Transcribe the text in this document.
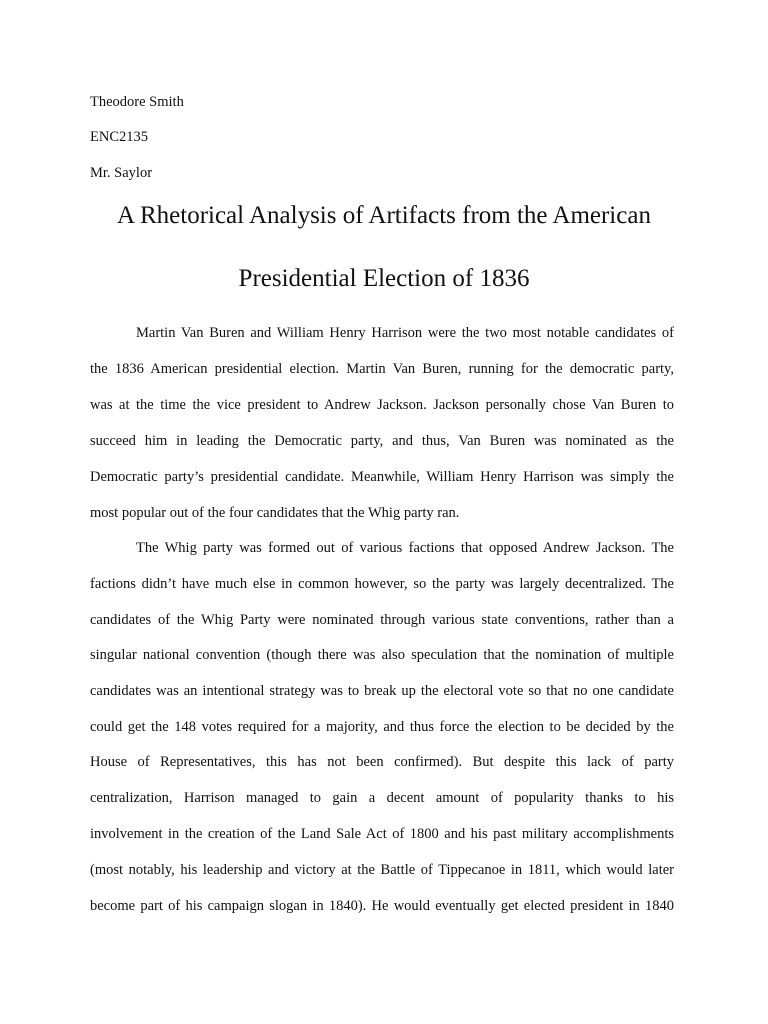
Theodore Smith
ENC2135
Mr. Saylor
A Rhetorical Analysis of Artifacts from the American
Presidential Election of 1836
Martin Van Buren and William Henry Harrison were the two most notable candidates of
the 1836 American presidential election. Martin Van Buren, running for the democratic party,
was at the time the vice president to Andrew Jackson. Jackson personally chose Van Buren to
succeed him in leading the Democratic party, and thus, Van Buren was nominated as the
Democratic party’s presidential candidate. Meanwhile, William Henry Harrison was simply the
most popular out of the four candidates that the Whig party ran.
The Whig party was formed out of various factions that opposed Andrew Jackson. The
factions didn’t have much else in common however, so the party was largely decentralized. The
candidates of the Whig Party were nominated through various state conventions, rather than a
singular national convention (though there was also speculation that the nomination of multiple
candidates was an intentional strategy was to break up the electoral vote so that no one candidate
could get the 148 votes required for a majority, and thus force the election to be decided by the
House of Representatives, this has not been confirmed). But despite this lack of party
centralization, Harrison managed to gain a decent amount of popularity thanks to his
involvement in the creation of the Land Sale Act of 1800 and his past military accomplishments
(most notably, his leadership and victory at the Battle of Tippecanoe in 1811, which would later
become part of his campaign slogan in 1840). He would eventually get elected president in 1840
